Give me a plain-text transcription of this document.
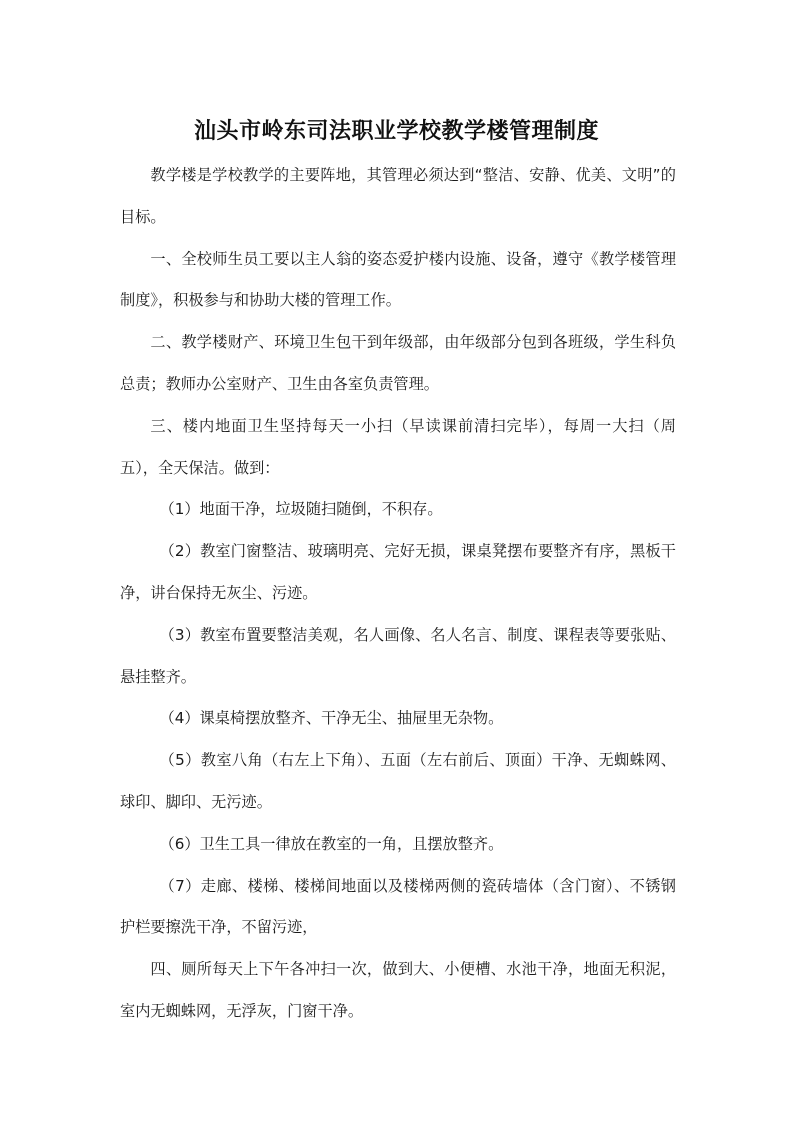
汕头市岭东司法职业学校教学楼管理制度

教学楼是学校教学的主要阵地，其管理必须达到“整洁、安静、优美、文明”的目标。

一、全校师生员工要以主人翁的姿态爱护楼内设施、设备，遵守《教学楼管理制度》，积极参与和协助大楼的管理工作。

二、教学楼财产、环境卫生包干到年级部，由年级部分包到各班级，学生科负总责；教师办公室财产、卫生由各室负责管理。

三、楼内地面卫生坚持每天一小扫（早读课前清扫完毕），每周一大扫（周五），全天保洁。做到：

（1）地面干净，垃圾随扫随倒，不积存。

（2）教室门窗整洁、玻璃明亮、完好无损，课桌凳摆布要整齐有序，黑板干净，讲台保持无灰尘、污迹。

（3）教室布置要整洁美观，名人画像、名人名言、制度、课程表等要张贴、悬挂整齐。

（4）课桌椅摆放整齐、干净无尘、抽屉里无杂物。

（5）教室八角（右左上下角）、五面（左右前后、顶面）干净、无蜘蛛网、球印、脚印、无污迹。

（6）卫生工具一律放在教室的一角，且摆放整齐。

（7）走廊、楼梯、楼梯间地面以及楼梯两侧的瓷砖墙体（含门窗）、不锈钢护栏要擦洗干净，不留污迹，

四、厕所每天上下午各冲扫一次，做到大、小便槽、水池干净，地面无积泥，室内无蜘蛛网，无浮灰，门窗干净。
